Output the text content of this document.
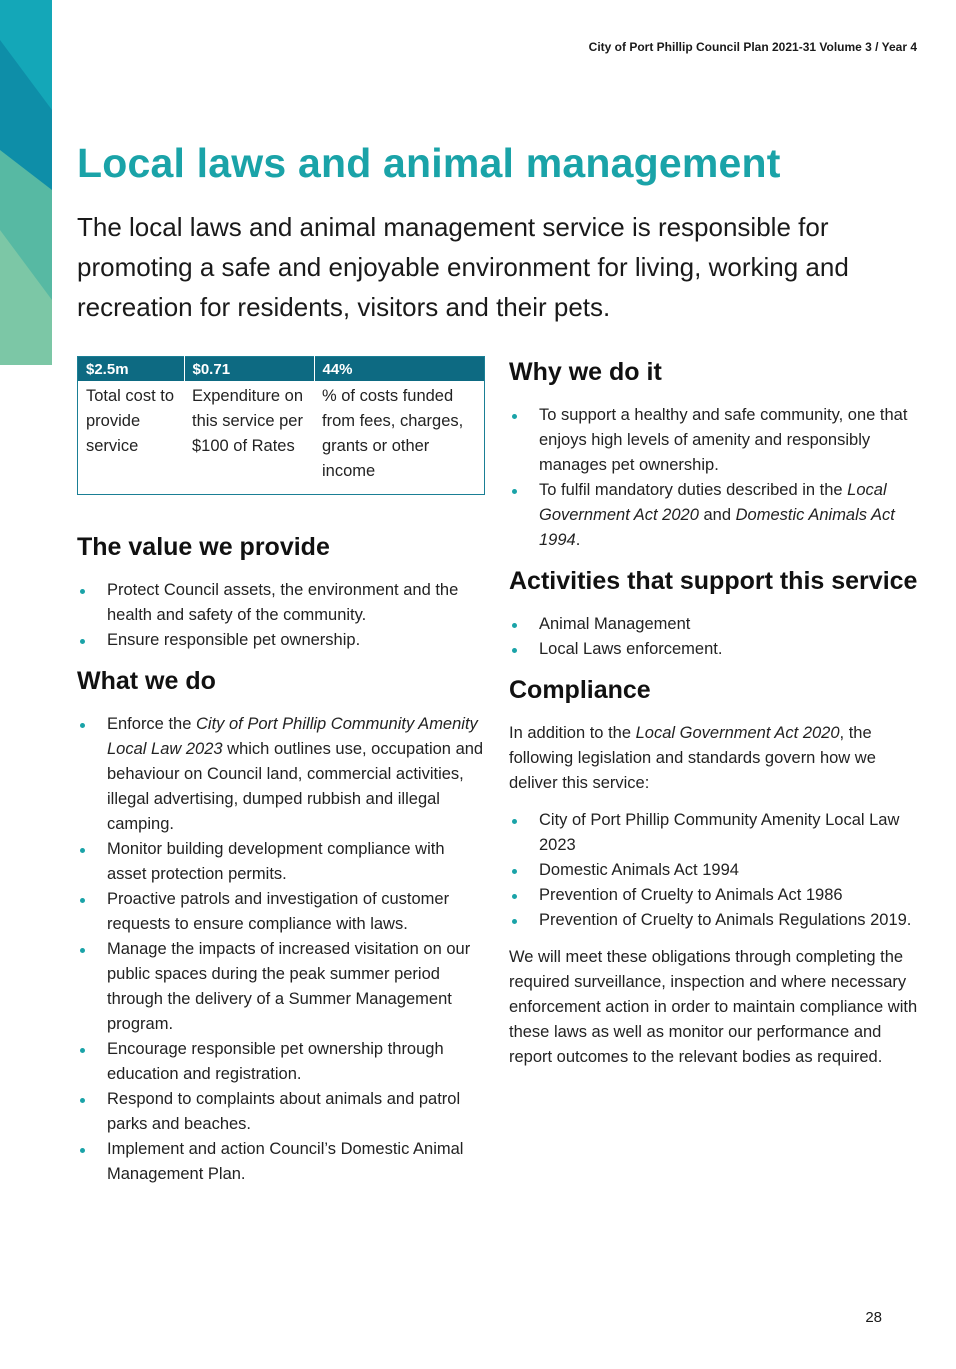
City of Port Phillip Council Plan 2021-31 Volume 3 / Year 4
Local laws and animal management

The local laws and animal management service is responsible for promoting a safe and enjoyable environment for living, working and recreation for residents, visitors and their pets.

$2.5m	$0.71	44%
Total cost to provide service	Expenditure on this service per $100 of Rates	% of costs funded from fees, charges, grants or other income
The value we provide
Protect Council assets, the environment and the health and safety of the community.
Ensure responsible pet ownership.
What we do
Enforce the City of Port Phillip Community Amenity Local Law 2023 which outlines use, occupation and behaviour on Council land, commercial activities, illegal advertising, dumped rubbish and illegal camping.
Monitor building development compliance with asset protection permits.
Proactive patrols and investigation of customer requests to ensure compliance with laws.
Manage the impacts of increased visitation on our public spaces during the peak summer period through the delivery of a Summer Management program.
Encourage responsible pet ownership through education and registration.
Respond to complaints about animals and patrol parks and beaches.
Implement and action Council’s Domestic Animal Management Plan.
Why we do it
To support a healthy and safe community, one that enjoys high levels of amenity and responsibly manages pet ownership.
To fulfil mandatory duties described in the Local Government Act 2020 and Domestic Animals Act 1994.
Activities that support this service
Animal Management
Local Laws enforcement.
Compliance

In addition to the Local Government Act 2020, the following legislation and standards govern how we deliver this service:

City of Port Phillip Community Amenity Local Law 2023
Domestic Animals Act 1994
Prevention of Cruelty to Animals Act 1986
Prevention of Cruelty to Animals Regulations 2019.

We will meet these obligations through completing the required surveillance, inspection and where necessary enforcement action in order to maintain compliance with these laws as well as monitor our performance and report outcomes to the relevant bodies as required.

28
